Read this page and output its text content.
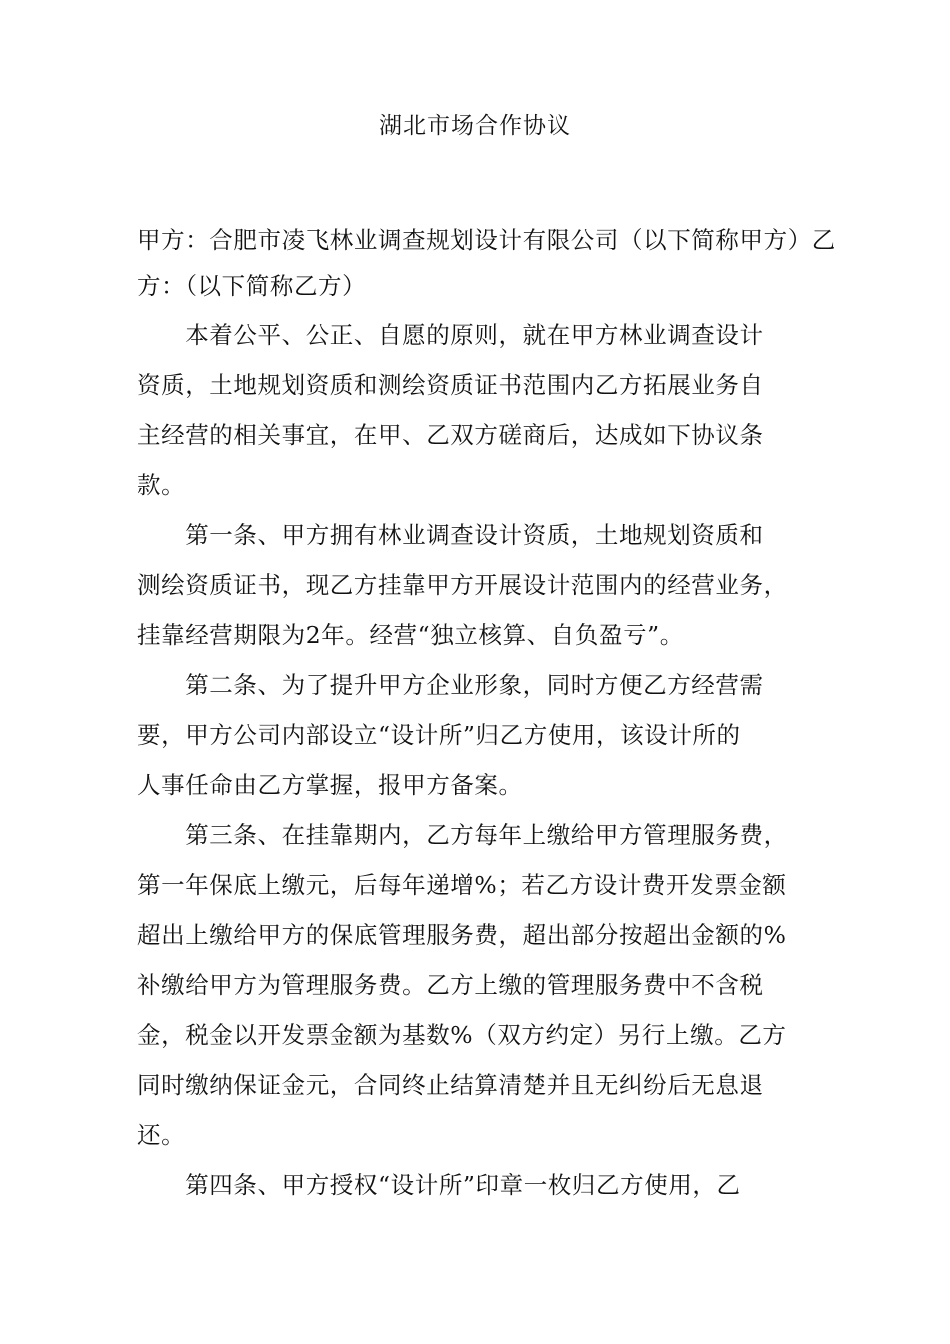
湖北市场合作协议
甲方：合肥市凌飞林业调查规划设计有限公司（以下简称甲方）乙
方：（以下简称乙方）
　　本着公平、公正、自愿的原则，就在甲方林业调查设计
资质，土地规划资质和测绘资质证书范围内乙方拓展业务自
主经营的相关事宜，在甲、乙双方磋商后，达成如下协议条
款。
　　第一条、甲方拥有林业调查设计资质，土地规划资质和
测绘资质证书，现乙方挂靠甲方开展设计范围内的经营业务，
挂靠经营期限为2年。经营“独立核算、自负盈亏”。
　　第二条、为了提升甲方企业形象，同时方便乙方经营需
要，甲方公司内部设立“设计所”归乙方使用，该设计所的
人事任命由乙方掌握，报甲方备案。
　　第三条、在挂靠期内，乙方每年上缴给甲方管理服务费，
第一年保底上缴元，后每年递增%；若乙方设计费开发票金额
超出上缴给甲方的保底管理服务费，超出部分按超出金额的%
补缴给甲方为管理服务费。乙方上缴的管理服务费中不含税
金，税金以开发票金额为基数%（双方约定）另行上缴。乙方
同时缴纳保证金元，合同终止结算清楚并且无纠纷后无息退
还。
　　第四条、甲方授权“设计所”印章一枚归乙方使用，乙
